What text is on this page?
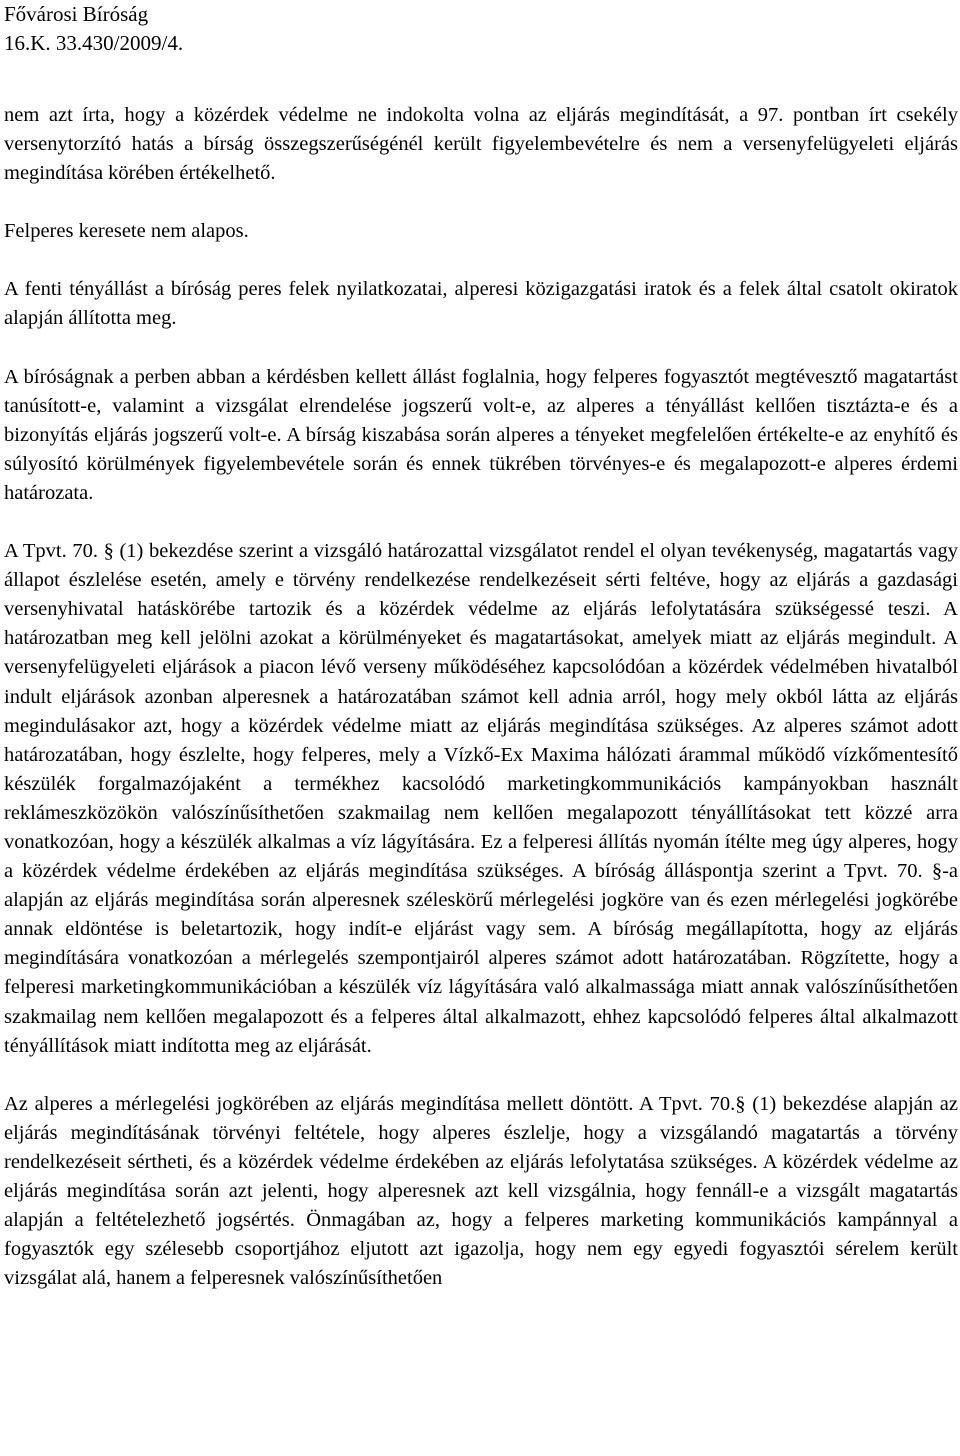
Fővárosi Bíróság
16.K. 33.430/2009/4.

nem azt írta, hogy a közérdek védelme ne indokolta volna az eljárás megindítását, a 97. pontban írt csekély versenytorzító hatás a bírság összegszerűségénél került figyelembevételre és nem a versenyfelügyeleti eljárás megindítása körében értékelhető.

Felperes keresete nem alapos.

A fenti tényállást a bíróság peres felek nyilatkozatai, alperesi közigazgatási iratok és a felek által csatolt okiratok alapján állította meg.

A bíróságnak a perben abban a kérdésben kellett állást foglalnia, hogy felperes fogyasztót megtévesztő magatartást tanúsított-e, valamint a vizsgálat elrendelése jogszerű volt-e, az alperes a tényállást kellően tisztázta-e és a bizonyítás eljárás jogszerű volt-e. A bírság kiszabása során alperes a tényeket megfelelően értékelte-e az enyhítő és súlyosító körülmények figyelembevétele során és ennek tükrében törvényes-e és megalapozott-e alperes érdemi határozata.

A Tpvt. 70. § (1) bekezdése szerint a vizsgáló határozattal vizsgálatot rendel el olyan tevékenység, magatartás vagy állapot észlelése esetén, amely e törvény rendelkezése rendelkezéseit sérti feltéve, hogy az eljárás a gazdasági versenyhivatal hatáskörébe tartozik és a közérdek védelme az eljárás lefolytatására szükségessé teszi. A határozatban meg kell jelölni azokat a körülményeket és magatartásokat, amelyek miatt az eljárás megindult. A versenyfelügyeleti eljárások a piacon lévő verseny működéséhez kapcsolódóan a közérdek védelmében hivatalból indult eljárások azonban alperesnek a határozatában számot kell adnia arról, hogy mely okból látta az eljárás megindulásakor azt, hogy a közérdek védelme miatt az eljárás megindítása szükséges. Az alperes számot adott határozatában, hogy észlelte, hogy felperes, mely a Vízkő-Ex Maxima hálózati árammal működő vízkőmentesítő készülék forgalmazójaként a termékhez kacsolódó marketingkommunikációs kampányokban használt reklámeszközökön valószínűsíthetően szakmailag nem kellően megalapozott tényállításokat tett közzé arra vonatkozóan, hogy a készülék alkalmas a víz lágyítására. Ez a felperesi állítás nyomán ítélte meg úgy alperes, hogy a közérdek védelme érdekében az eljárás megindítása szükséges. A bíróság álláspontja szerint a Tpvt. 70. §-a alapján az eljárás megindítása során alperesnek széleskörű mérlegelési jogköre van és ezen mérlegelési jogkörébe annak eldöntése is beletartozik, hogy indít-e eljárást vagy sem. A bíróság megállapította, hogy az eljárás megindítására vonatkozóan a mérlegelés szempontjairól alperes számot adott határozatában. Rögzítette, hogy a felperesi marketingkommunikációban a készülék víz lágyítására való alkalmassága miatt annak valószínűsíthetően szakmailag nem kellően megalapozott és a felperes által alkalmazott, ehhez kapcsolódó felperes által alkalmazott tényállítások miatt indította meg az eljárását.

Az alperes a mérlegelési jogkörében az eljárás megindítása mellett döntött. A Tpvt. 70.§ (1) bekezdése alapján az eljárás megindításának törvényi feltétele, hogy alperes észlelje, hogy a vizsgálandó magatartás a törvény rendelkezéseit sértheti, és a közérdek védelme érdekében az eljárás lefolytatása szükséges. A közérdek védelme az eljárás megindítása során azt jelenti, hogy alperesnek azt kell vizsgálnia, hogy fennáll-e a vizsgált magatartás alapján a feltételezhető jogsértés. Önmagában az, hogy a felperes marketing kommunikációs kampánnyal a fogyasztók egy szélesebb csoportjához eljutott azt igazolja, hogy nem egy egyedi fogyasztói sérelem került vizsgálat alá, hanem a felperesnek valószínűsíthetően
